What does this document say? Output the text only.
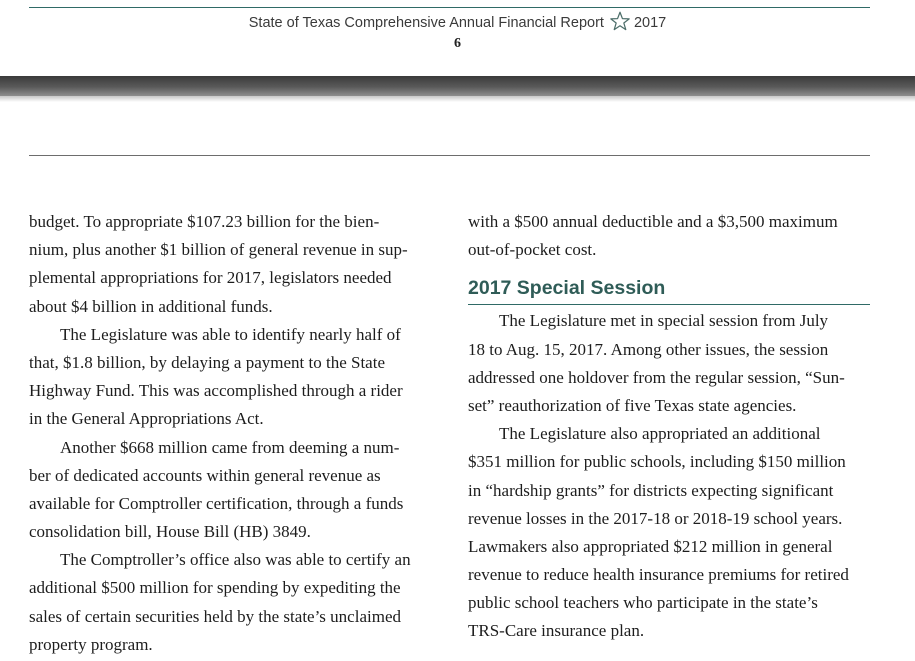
State of Texas Comprehensive Annual Financial Report 2017
6
budget. To appropriate $107.23 billion for the bien-
nium, plus another $1 billion of general revenue in sup-
plemental appropriations for 2017, legislators needed
about $4 billion in additional funds.
The Legislature was able to identify nearly half of
that, $1.8 billion, by delaying a payment to the State
Highway Fund. This was accomplished through a rider
in the General Appropriations Act.
Another $668 million came from deeming a num-
ber of dedicated accounts within general revenue as
available for Comptroller certification, through a funds
consolidation bill, House Bill (HB) 3849.
The Comptroller’s office also was able to certify an
additional $500 million for spending by expediting the
sales of certain securities held by the state’s unclaimed
property program.
with a $500 annual deductible and a $3,500 maximum
out-of-pocket cost.
2017 Special Session
The Legislature met in special session from July
18 to Aug. 15, 2017. Among other issues, the session
addressed one holdover from the regular session, “Sun-
set” reauthorization of five Texas state agencies.
The Legislature also appropriated an additional
$351 million for public schools, including $150 million
in “hardship grants” for districts expecting significant
revenue losses in the 2017-18 or 2018-19 school years.
Lawmakers also appropriated $212 million in general
revenue to reduce health insurance premiums for retired
public school teachers who participate in the state’s
TRS-Care insurance plan.
